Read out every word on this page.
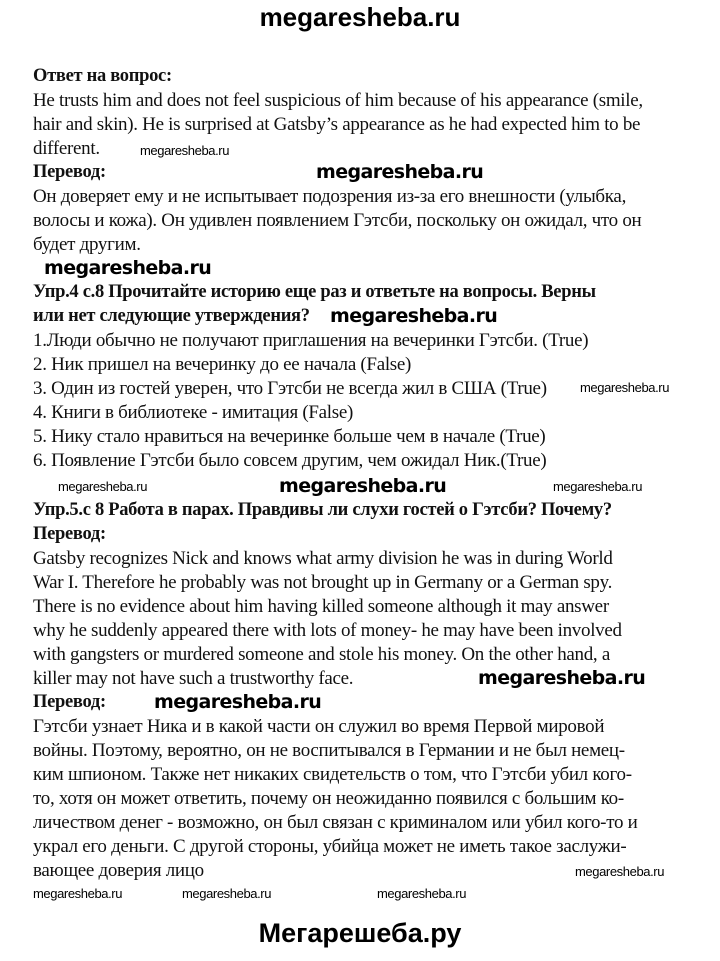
megaresheba.ru
Ответ на вопрос:
He trusts him and does not feel suspicious of him because of his appearance (smile,
hair and skin). He is surprised at Gatsby’s appearance as he had expected him to be
different.
Перевод:
Он доверяет ему и не испытывает подозрения из-за его внешности (улыбка,
волосы и кожа). Он удивлен появлением Гэтсби, поскольку он ожидал, что он
будет другим.
Упр.4 с.8 Прочитайте историю еще раз и ответьте на вопросы. Верны
или нет следующие утверждения?
1.Люди обычно не получают приглашения на вечеринки Гэтсби. (True)
2. Ник пришел на вечеринку до ее начала (False)
3. Один из гостей уверен, что Гэтсби не всегда жил в США (True)
4. Книги в библиотеке - имитация (False)
5. Нику стало нравиться на вечеринке больше чем в начале (True)
6. Появление Гэтсби было совсем другим, чем ожидал Ник.(True)
Упр.5.с 8 Работа в парах. Правдивы ли слухи гостей о Гэтсби? Почему?
Перевод:
Gatsby recognizes Nick and knows what army division he was in during World
War I. Therefore he probably was not brought up in Germany or a German spy.
There is no evidence about him having killed someone although it may answer
why he suddenly appeared there with lots of money- he may have been involved
with gangsters or murdered someone and stole his money. On the other hand, a
killer may not have such a trustworthy face.
Перевод:
Гэтсби узнает Ника и в какой части он служил во время Первой мировой
войны. Поэтому, вероятно, он не воспитывался в Германии и не был немец-
ким шпионом. Также нет никаких свидетельств о том, что Гэтсби убил кого-
то, хотя он может ответить, почему он неожиданно появился с большим ко-
личеством денег - возможно, он был связан с криминалом или убил кого-то и
украл его деньги. С другой стороны, убийца может не иметь такое заслужи-
вающее доверия лицо
megaresheba.ru
megaresheba.ru
megaresheba.ru
megaresheba.ru
megaresheba.ru
megaresheba.ru	megaresheba.ru
megaresheba.ru
megaresheba.ru
megaresheba.ru
megaresheba.ru	megaresheba.ru
megaresheba.ru
megaresheba.ru
Мегарешеба.ру
